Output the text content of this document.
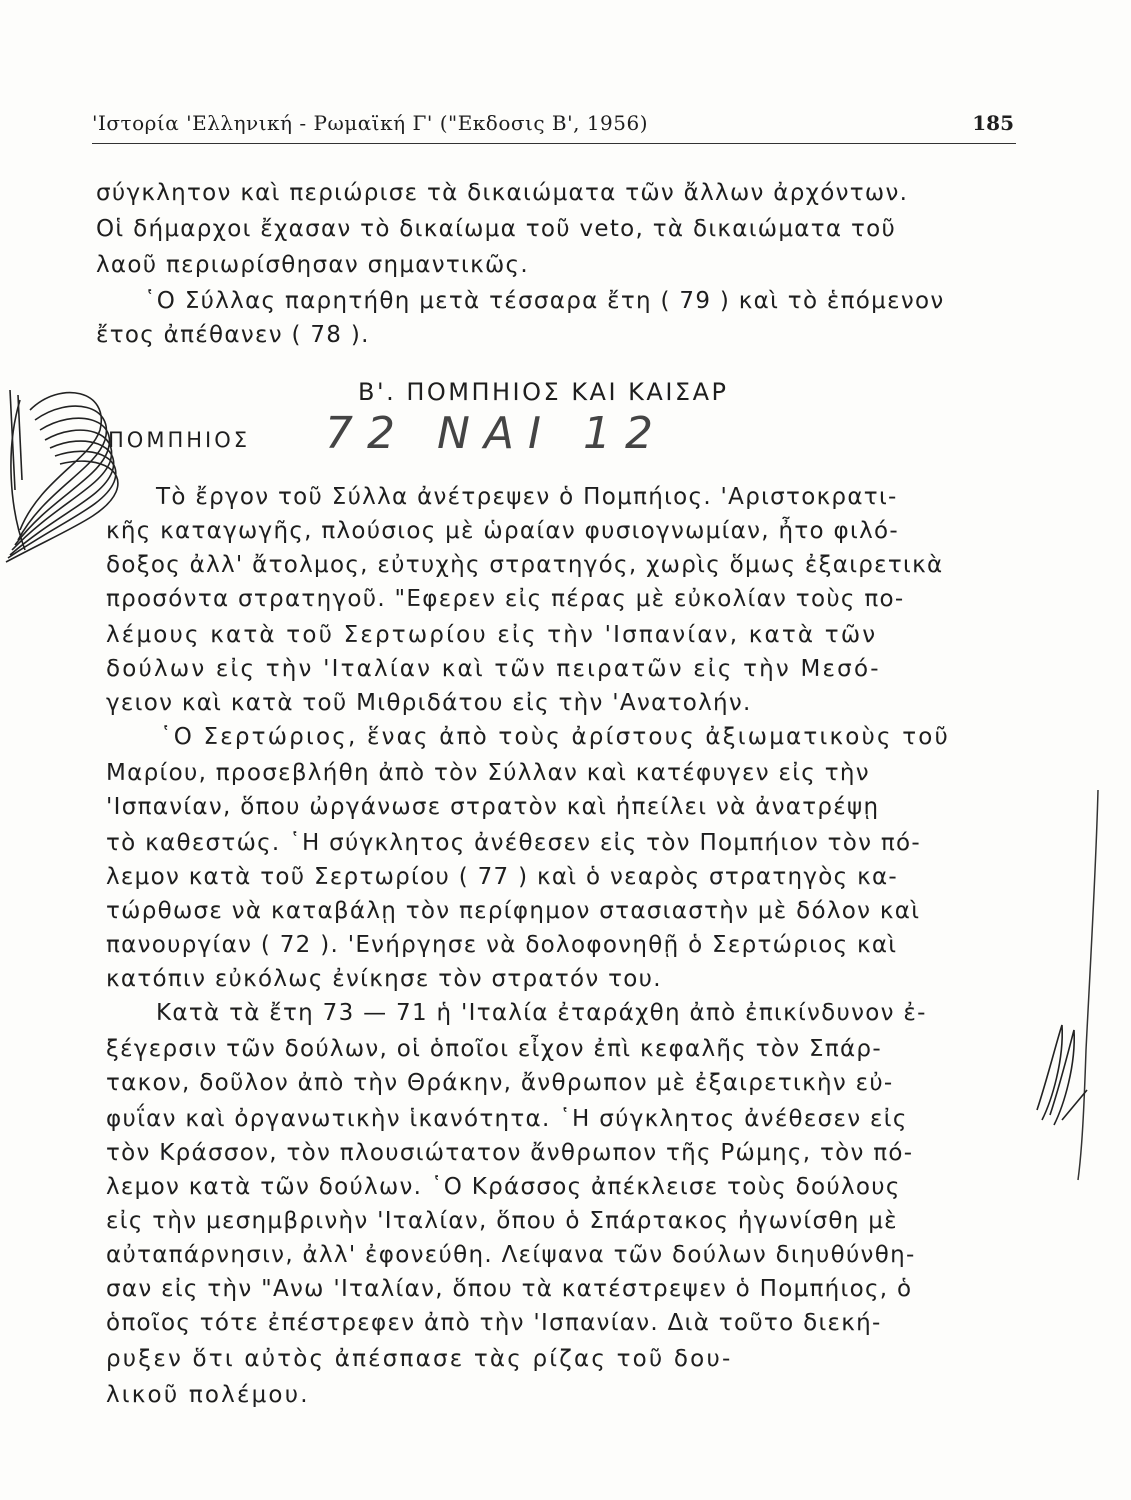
'Ιστορία 'Ελληνική - Ρωμαϊκή Γ' ("Εκδοσις Β', 1956)	185
σύγκλητον καὶ περιώρισε τὰ δικαιώματα τῶν ἄλλων ἀρχόντων.
Οἱ δήμαρχοι ἔχασαν τὸ δικαίωμα τοῦ veto, τὰ δικαιώματα τοῦ
λαοῦ περιωρίσθησαν σημαντικῶς.
῾Ο Σύλλας παρητήθη μετὰ τέσσαρα ἔτη ( 79 ) καὶ τὸ ἑπόμενον
ἔτος ἀπέθανεν ( 78 ).
Β'. ΠΟΜΠΗΙΟΣ ΚΑΙ ΚΑΙΣΑΡ
ΠΟΜΠΗΙΟΣ 72 ΝΑΙ 12
Τὸ ἔργον τοῦ Σύλλα ἀνέτρεψεν ὁ Πομπήιος. 'Αριστοκρατι-
κῆς καταγωγῆς, πλούσιος μὲ ὡραίαν φυσιογνωμίαν, ἦτο φιλό-
δοξος ἀλλ' ἄτολμος, εὐτυχὴς στρατηγός, χωρὶς ὅμως ἐξαιρετικὰ
προσόντα στρατηγοῦ. "Εφερεν εἰς πέρας μὲ εὐκολίαν τοὺς πο-
λέμους κατὰ τοῦ Σερτωρίου εἰς τὴν 'Ισπανίαν, κατὰ τῶν
δούλων εἰς τὴν 'Ιταλίαν καὶ τῶν πειρατῶν εἰς τὴν Μεσό-
γειον καὶ κατὰ τοῦ Μιθριδάτου εἰς τὴν 'Ανατολήν.
῾Ο Σερτώριος, ἕνας ἀπὸ τοὺς ἀρίστους ἀξιωματικοὺς τοῦ
Μαρίου, προσεβλήθη ἀπὸ τὸν Σύλλαν καὶ κατέφυγεν εἰς τὴν
'Ισπανίαν, ὅπου ὠργάνωσε στρατὸν καὶ ἠπείλει νὰ ἀνατρέψῃ
τὸ καθεστώς. ῾Η σύγκλητος ἀνέθεσεν εἰς τὸν Πομπήιον τὸν πό-
λεμον κατὰ τοῦ Σερτωρίου ( 77 ) καὶ ὁ νεαρὸς στρατηγὸς κα-
τώρθωσε νὰ καταβάλῃ τὸν περίφημον στασιαστὴν μὲ δόλον καὶ
πανουργίαν ( 72 ). 'Ενήργησε νὰ δολοφονηθῇ ὁ Σερτώριος καὶ
κατόπιν εὐκόλως ἐνίκησε τὸν στρατόν του.
Κατὰ τὰ ἔτη 73 — 71 ἡ 'Ιταλία ἐταράχθη ἀπὸ ἐπικίνδυνον ἐ-
ξέγερσιν τῶν δούλων, οἱ ὁποῖοι εἶχον ἐπὶ κεφαλῆς τὸν Σπάρ-
τακον, δοῦλον ἀπὸ τὴν Θράκην, ἄνθρωπον μὲ ἐξαιρετικὴν εὐ-
φυΐαν καὶ ὀργανωτικὴν ἱκανότητα. ῾Η σύγκλητος ἀνέθεσεν εἰς
τὸν Κράσσον, τὸν πλουσιώτατον ἄνθρωπον τῆς Ρώμης, τὸν πό-
λεμον κατὰ τῶν δούλων. ῾Ο Κράσσος ἀπέκλεισε τοὺς δούλους
εἰς τὴν μεσημβρινὴν 'Ιταλίαν, ὅπου ὁ Σπάρτακος ἠγωνίσθη μὲ
αὐταπάρνησιν, ἀλλ' ἐφονεύθη. Λείψανα τῶν δούλων διηυθύνθη-
σαν εἰς τὴν "Ανω 'Ιταλίαν, ὅπου τὰ κατέστρεψεν ὁ Πομπήιος, ὁ
ὁποῖος τότε ἐπέστρεφεν ἀπὸ τὴν 'Ισπανίαν. Διὰ τοῦτο διεκή-
ρυξεν ὅτι αὐτὸς ἀπέσπασε τὰς ρίζας τοῦ δου-
λικοῦ πολέμου.
